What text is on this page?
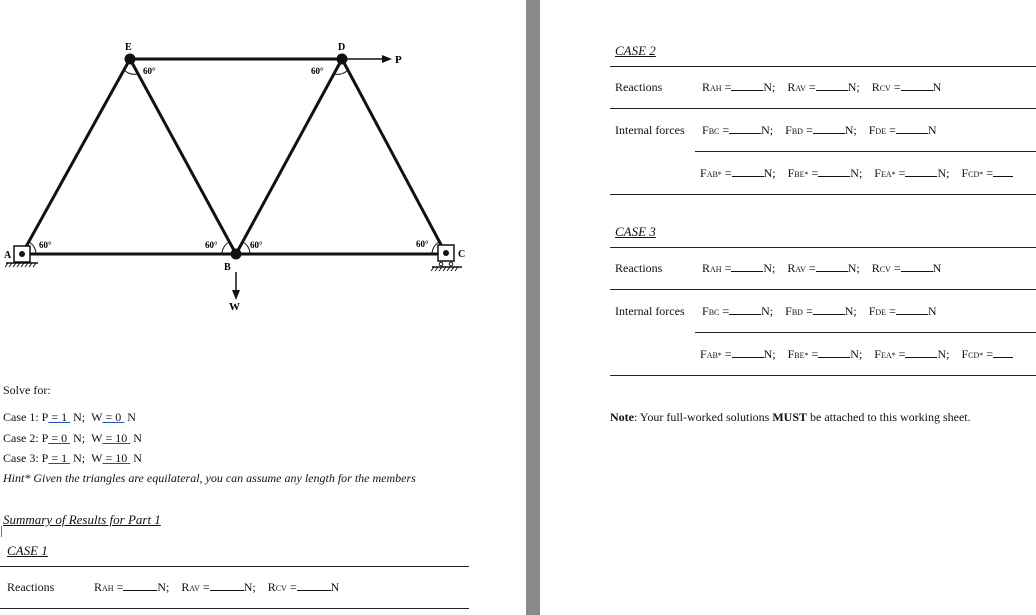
E	D
A
B
C
P
W
60°	60°
60°	60°	60°	60°
Solve for:
Case 1: P = 1 N; W = 0 N
Case 2: P = 0 N; W = 10 N
Case 3: P = 1 N; W = 10 N
Hint* Given the triangles are equilateral, you can assume any length for the members
Summary of Results for Part 1
CASE 1
Reactions	RAH =	N; RAV =	N; RCV =	N
CASE 2
Reactions	RAH =	N; RAV =	N; RCV =	N
Internal forces FBC =	N; FBD =	N; FDE =	N
FAB* =	N; FBE* =	N; FEA* =	N; FCD* =
CASE 3
Reactions	RAH =	N; RAV =	N; RCV =	N
Internal forces FBC =	N; FBD =	N; FDE =	N
FAB* =	N; FBE* =	N; FEA* =	N; FCD* =
Note: Your full-worked solutions MUST be attached to this working sheet.
